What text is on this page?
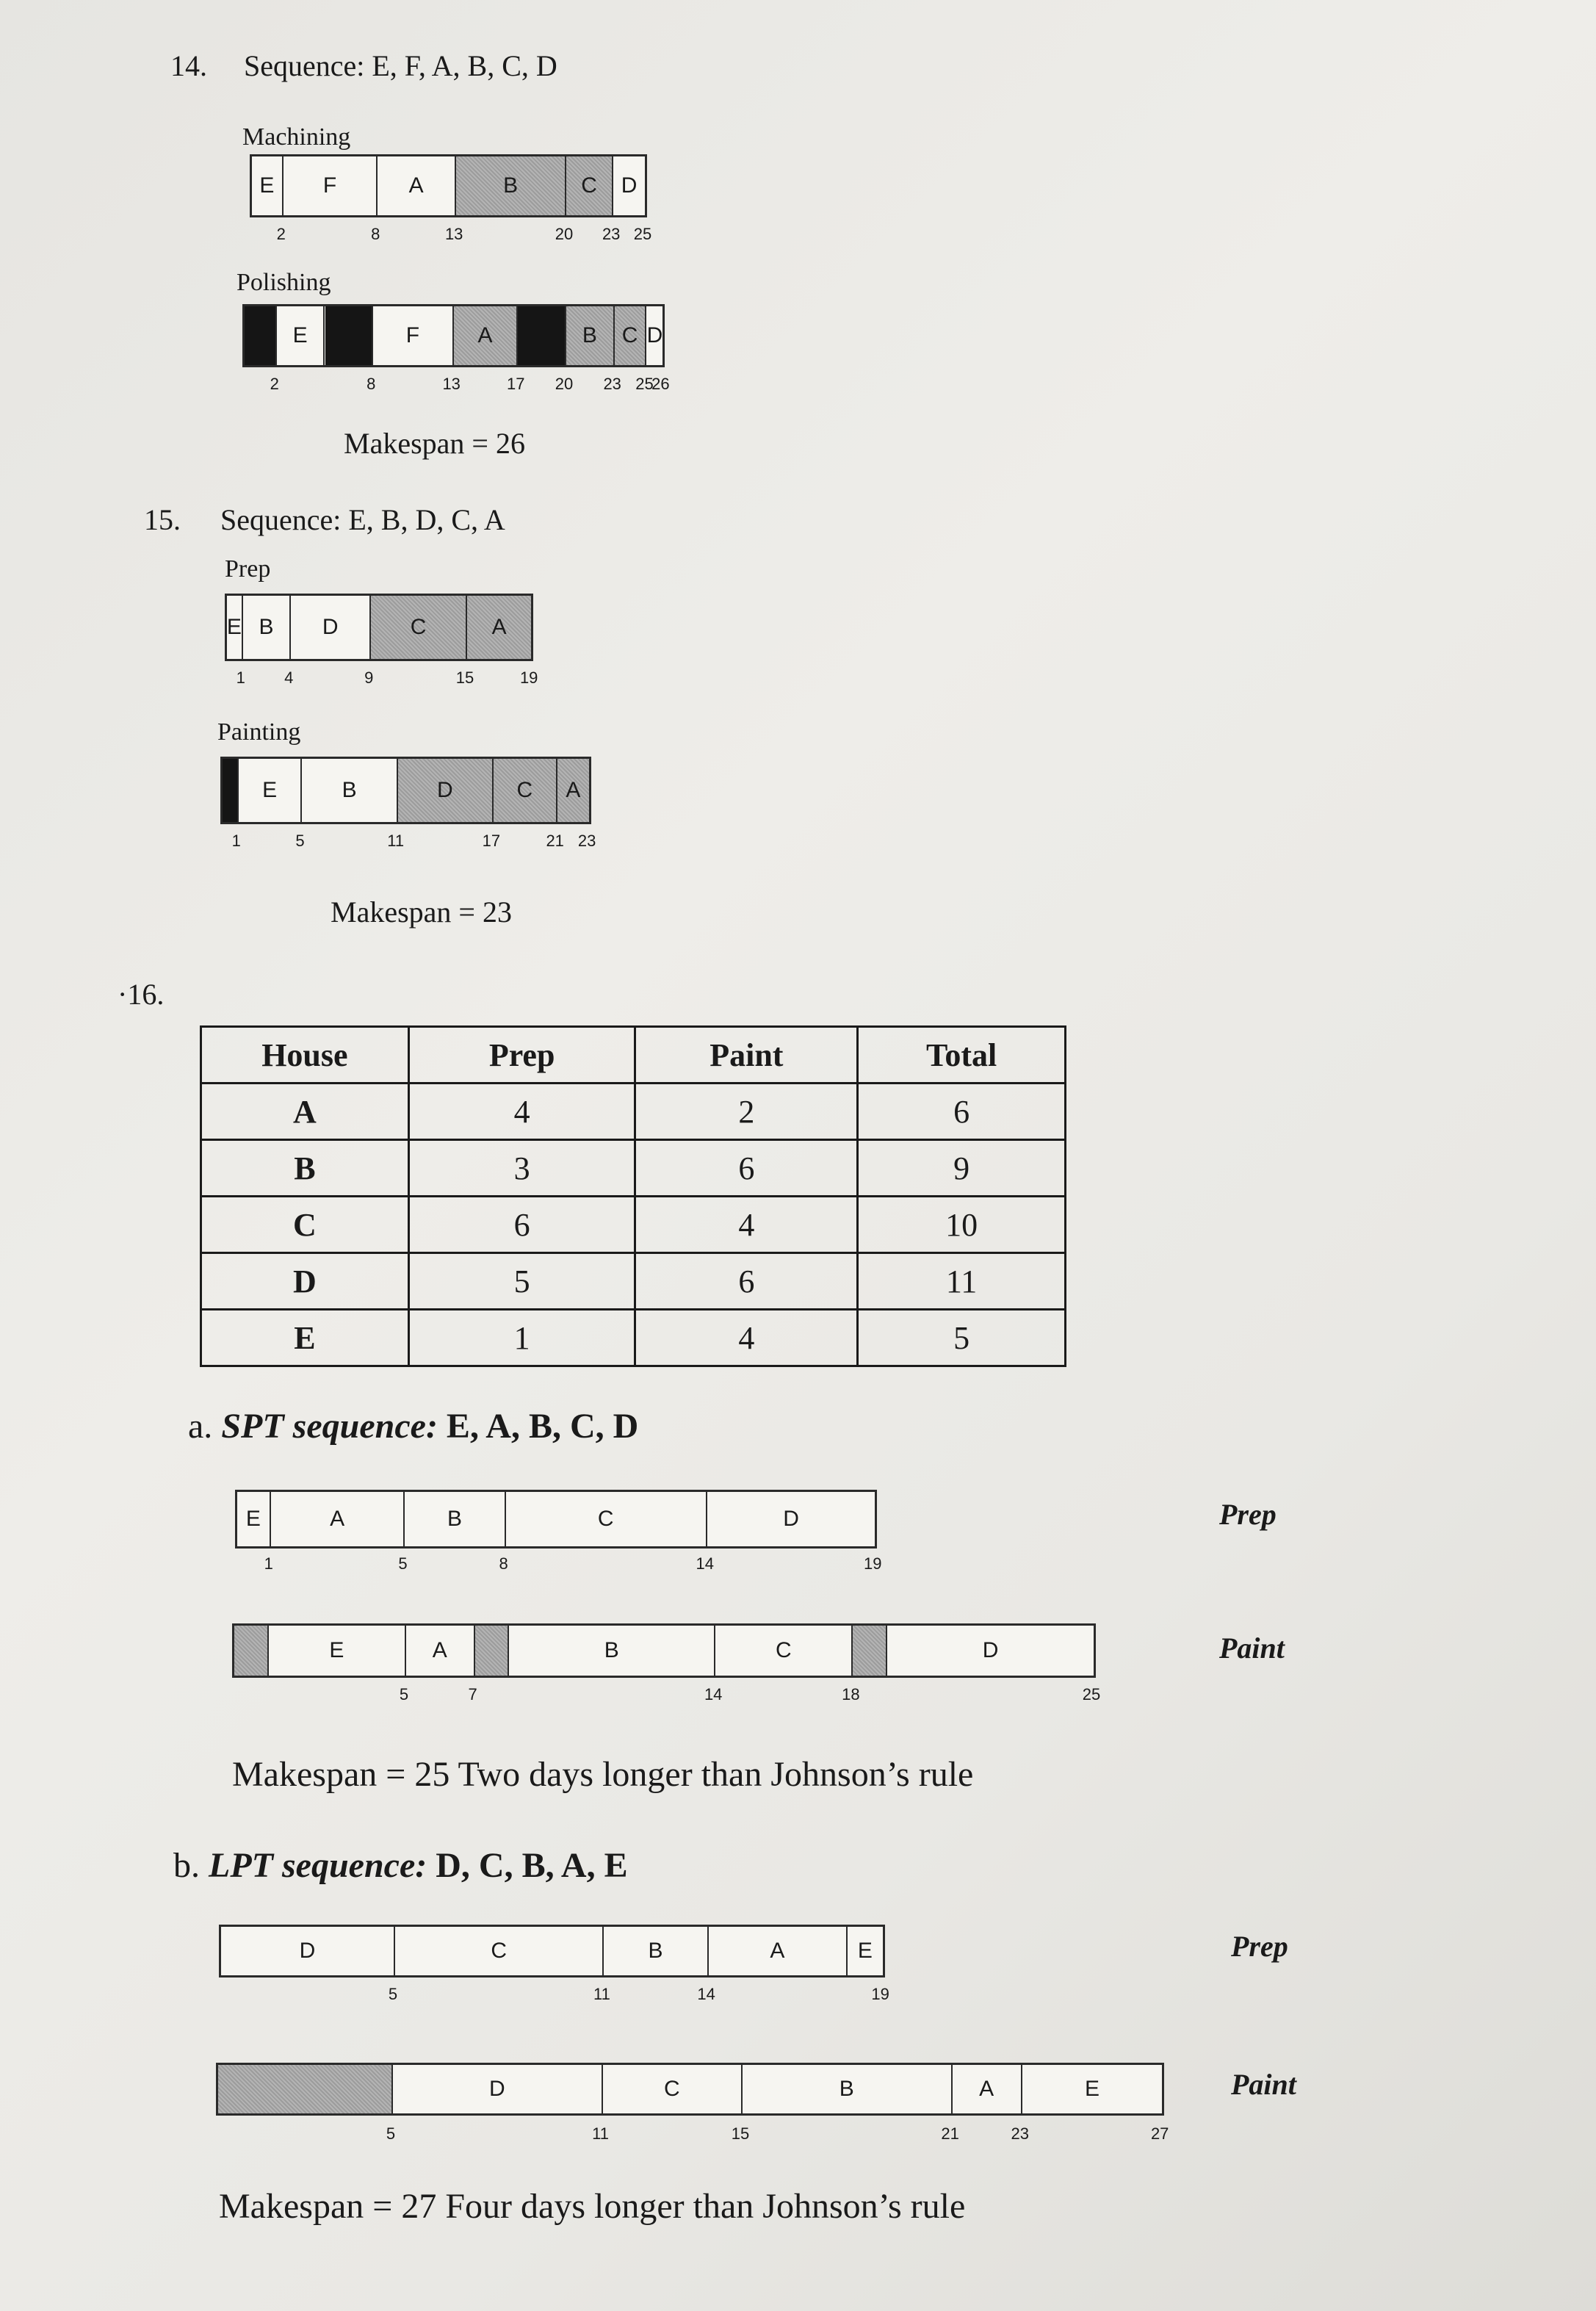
14. Sequence: E, F, A, B, C, D
Machining
E	F	A	B	C	D
Polishing
E	F	A	B	C D
Makespan = 26
15. Sequence: E, B, D, C, A
Prep
E B	D	C	A
Painting
E	B	D	C	A
Makespan = 23
·16.
House	Prep	Paint	Total
A	4	2	6
B	3	6	9
C	6	4	10
D	5	6	11
E	1	4	5
a. SPT sequence: E, A, B, C, D
E	A	B	C	D	Prep
E	A	B	C	D	Paint
Makespan = 25 Two days longer than Johnson’s rule
b. LPT sequence: D, C, B, A, E
D	C	B	A	E	Prep
D	C	B	A	E	Paint
Makespan = 27 Four days longer than Johnson’s rule
2	8	13	20 23 25
2	8	13	17 20 23 25
26
1 4	9	15	19
1	5	11	17	21 23
1	5	8	14	19
5	7	14	18	25
5	11	14	19
5	11	15	21	23	27
